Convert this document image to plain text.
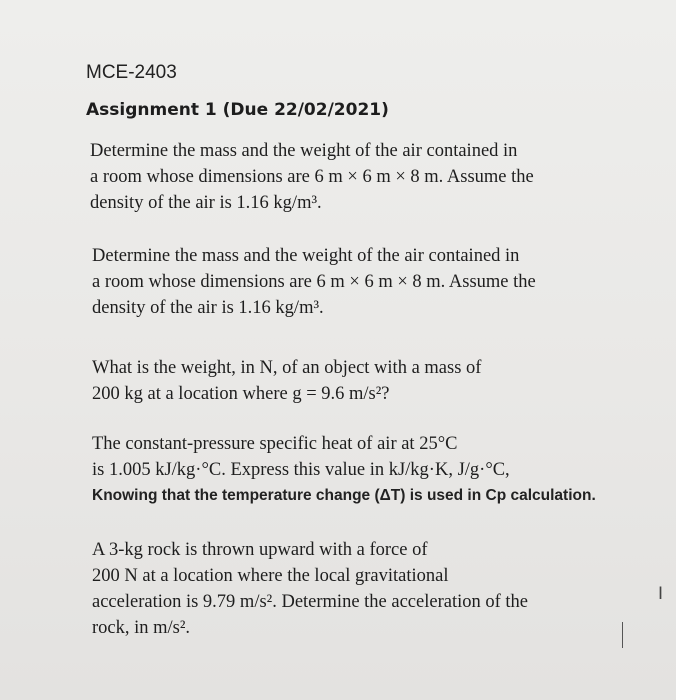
MCE-2403
Assignment 1 (Due 22/02/2021)
Determine the mass and the weight of the air contained in
a room whose dimensions are 6 m × 6 m × 8 m. Assume the
density of the air is 1.16 kg/m³.
Determine the mass and the weight of the air contained in
a room whose dimensions are 6 m × 6 m × 8 m. Assume the
density of the air is 1.16 kg/m³.
What is the weight, in N, of an object with a mass of
200 kg at a location where g = 9.6 m/s²?
The constant-pressure specific heat of air at 25°C
is 1.005 kJ/kg·°C. Express this value in kJ/kg·K, J/g·°C,
Knowing that the temperature change (ΔT) is used in Cp calculation.
A 3-kg rock is thrown upward with a force of
200 N at a location where the local gravitational
acceleration is 9.79 m/s². Determine the acceleration of the
rock, in m/s².
I
